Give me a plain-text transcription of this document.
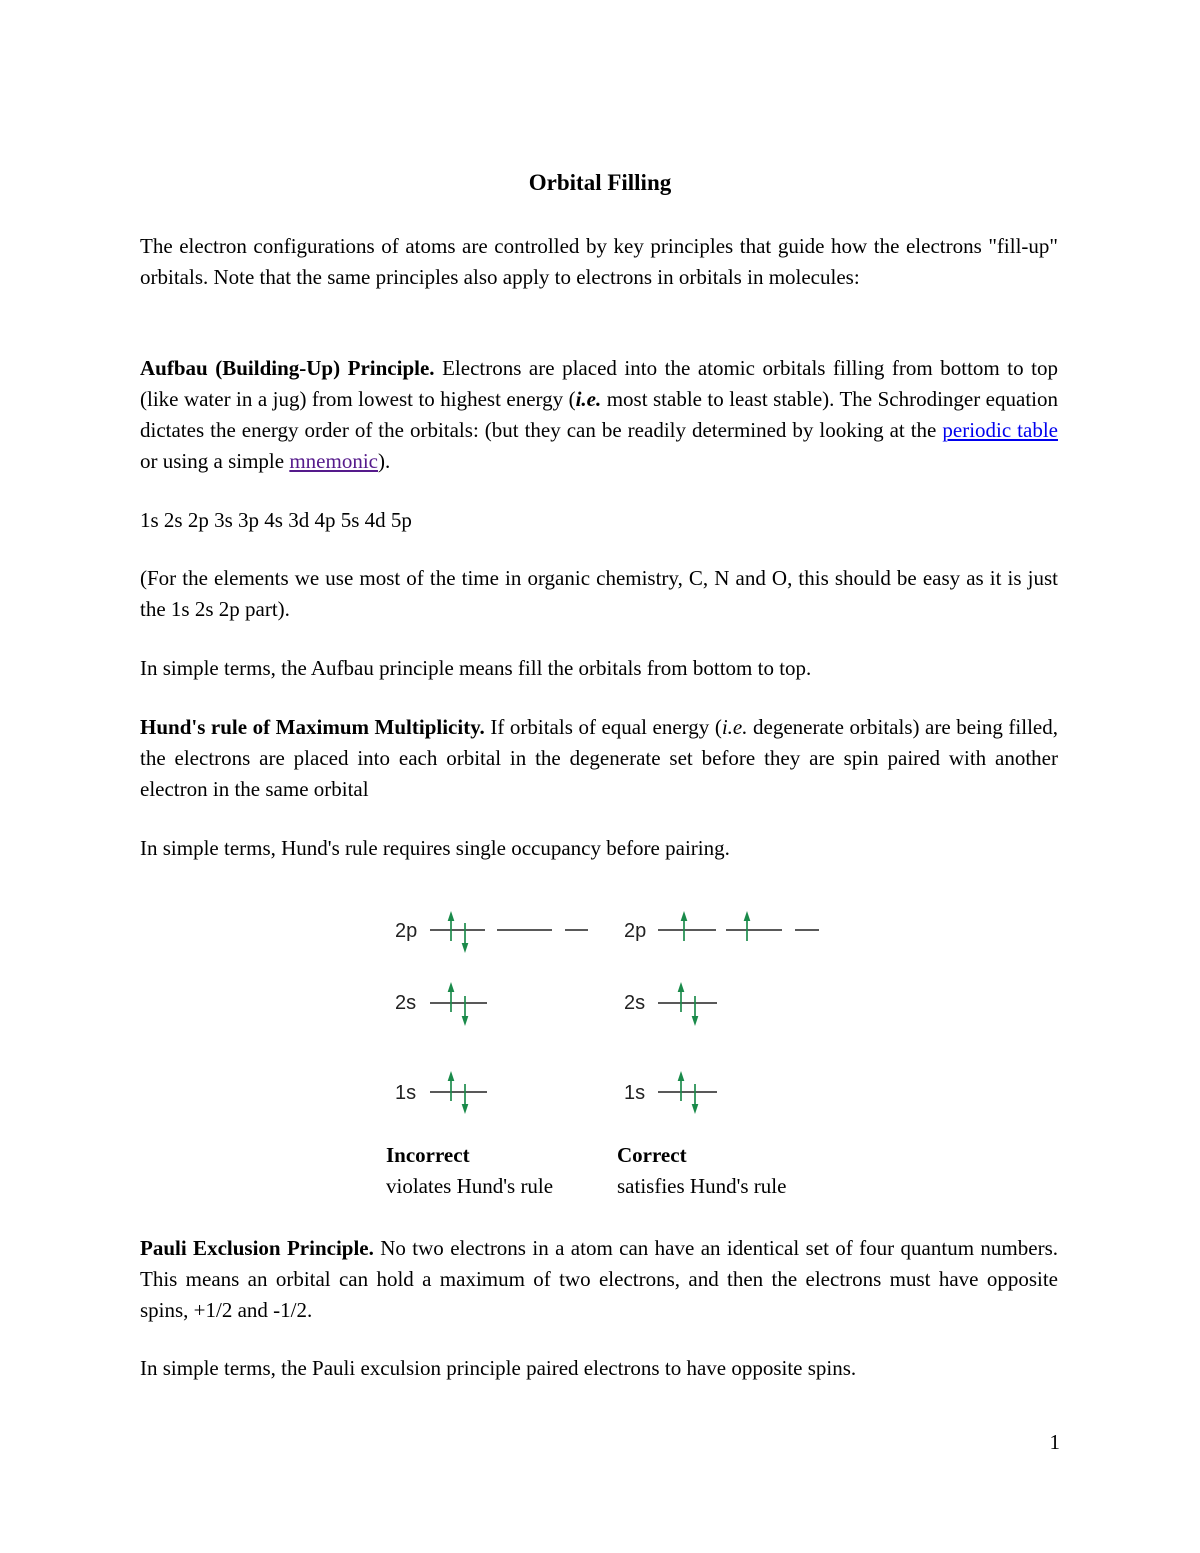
Orbital Filling

The electron configurations of atoms are controlled by key principles that guide how the electrons "fill-up" orbitals. Note that the same principles also apply to electrons in orbitals in molecules:

Aufbau (Building-Up) Principle. Electrons are placed into the atomic orbitals filling from bottom to top (like water in a jug) from lowest to highest energy (i.e. most stable to least stable). The Schrodinger equation dictates the energy order of the orbitals: (but they can be readily determined by looking at the periodic table or using a simple mnemonic).

1s 2s 2p 3s 3p 4s 3d 4p 5s 4d 5p

(For the elements we use most of the time in organic chemistry, C, N and O, this should be easy as it is just the 1s 2s 2p part).

In simple terms, the Aufbau principle means fill the orbitals from bottom to top.

Hund's rule of Maximum Multiplicity. If orbitals of equal energy (i.e. degenerate orbitals) are being filled, the electrons are placed into each orbital in the degenerate set before they are spin paired with another electron in the same orbital

In simple terms, Hund's rule requires single occupancy before pairing.

2p
2s
1s
2p
2s
1s
Incorrect
violates Hund's rule
Correct
satisfies Hund's rule

Pauli Exclusion Principle. No two electrons in a atom can have an identical set of four quantum numbers. This means an orbital can hold a maximum of two electrons, and then the electrons must have opposite spins, +1/2 and -1/2.

In simple terms, the Pauli exculsion principle paired electrons to have opposite spins.

1
